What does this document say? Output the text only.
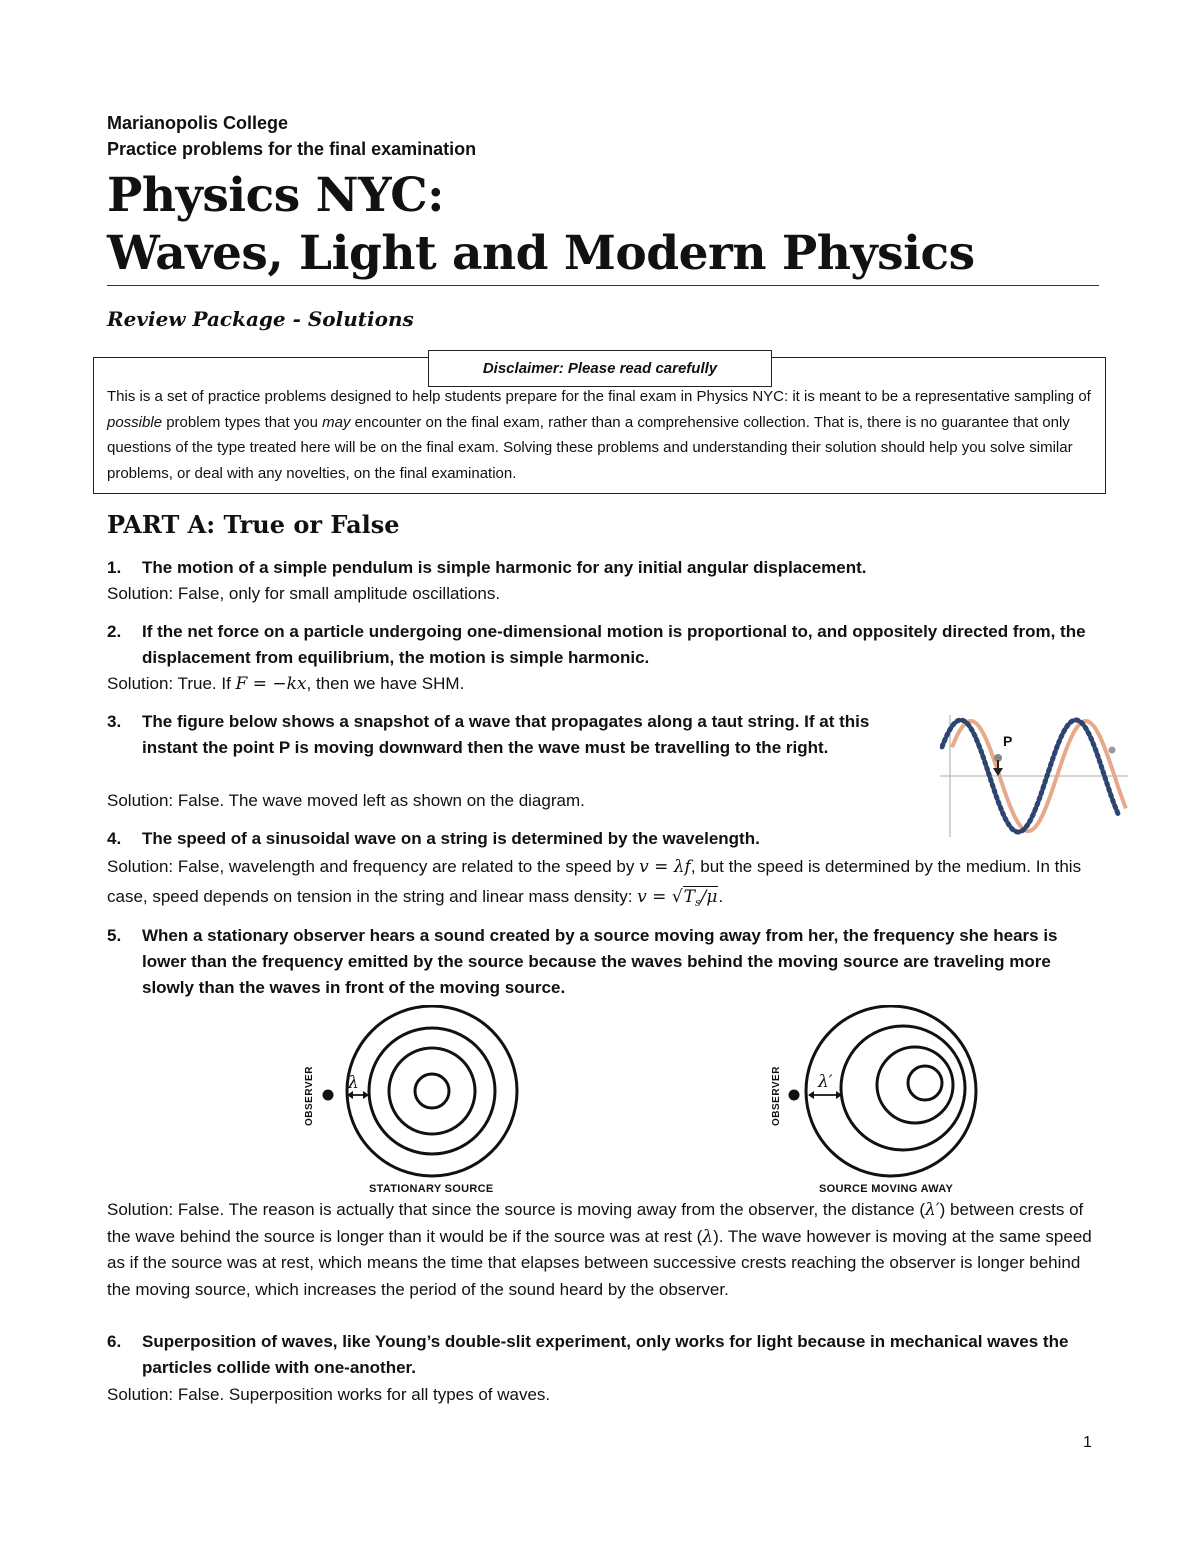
Marianopolis College
Practice problems for the final examination
Physics NYC:
Waves, Light and Modern Physics
Review Package - Solutions
Disclaimer: Please read carefully
This is a set of practice problems designed to help students prepare for the final exam in Physics NYC: it is meant to be a representative sampling of possible problem types that you may encounter on the final exam, rather than a comprehensive collection. That is, there is no guarantee that only questions of the type treated here will be on the final exam. Solving these problems and understanding their solution should help you solve similar problems, or deal with any novelties, on the final examination.
PART A: True or False
1. The motion of a simple pendulum is simple harmonic for any initial angular displacement.
Solution: False, only for small amplitude oscillations.
2. If the net force on a particle undergoing one-dimensional motion is proportional to, and oppositely directed from, the displacement from equilibrium, the motion is simple harmonic.
Solution: True. If F = −kx, then we have SHM.
3. The figure below shows a snapshot of a wave that propagates along a taut string. If at this instant the point P is moving downward then the wave must be travelling to the right.
Solution: False. The wave moved left as shown on the diagram.
P
4. The speed of a sinusoidal wave on a string is determined by the wavelength.
Solution: False, wavelength and frequency are related to the speed by v = λf, but the speed is determined by the medium. In this case, speed depends on tension in the string and linear mass density: $v = √T_s/\mu$.
5. When a stationary observer hears a sound created by a source moving away from her, the frequency she hears is lower than the frequency emitted by the source because the waves behind the moving source are traveling more slowly than the waves in front of the moving source.
λ
OBSERVER
STATIONARY SOURCE
λ′
OBSERVER
SOURCE MOVING AWAY
Solution: False. The reason is actually that since the source is moving away from the observer, the distance (λ′) between crests of the wave behind the source is longer than it would be if the source was at rest (λ). The wave however is moving at the same speed as if the source was at rest, which means the time that elapses between successive crests reaching the observer is longer behind the moving source, which increases the period of the sound heard by the observer.
6. Superposition of waves, like Young’s double-slit experiment, only works for light because in mechanical waves the particles collide with one-another.
Solution: False. Superposition works for all types of waves.
1
